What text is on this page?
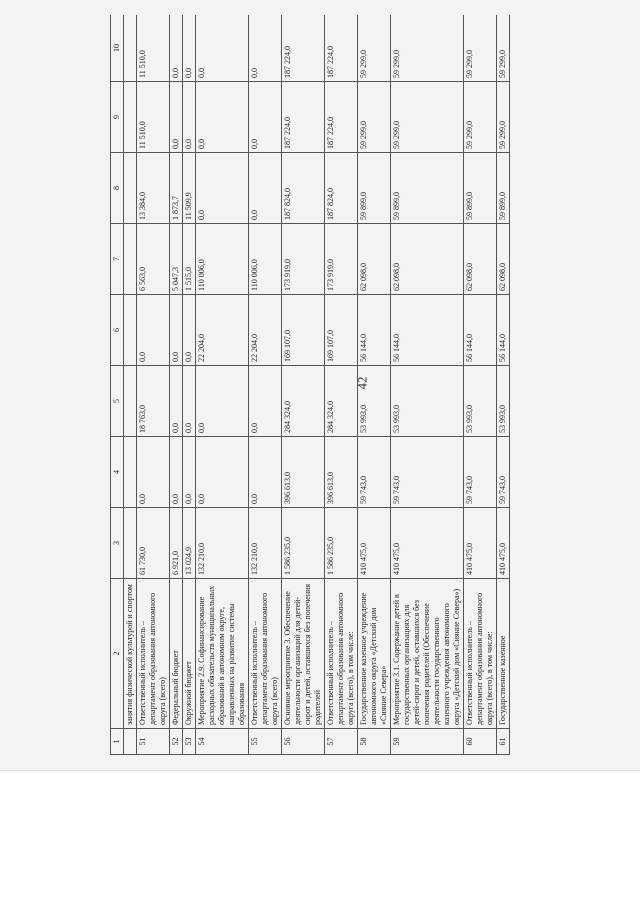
42
1	2	3	4	5	6	7	8	9	10
	занятия физической культурой и спортом								
51	Ответственный исполнитель – департамент образования автономного округа (всего)	61 730,0	0,0	18 763,0	0,0	6 563,0	13 384,0	11 510,0	11 510,0
52	Федеральный бюджет	6 921,0	0,0	0,0	0,0	5 047,3	1 873,7	0,0	0,0
53	Окружной бюджет	13 024,9	0,0	0,0	0,0	1 515,0	11 509,9	0,0	0,0
54	Мероприятие 2.9. Софинансирование расходных обязательств муниципальных образований в автономном округе, направленных на развитие системы образования	132 210,0	0,0	0,0	22 204,0	110 006,0	0,0	0,0	0,0
55	Ответственный исполнитель – департамент образования автономного округа (всего)	132 210,0	0,0	0,0	22 204,0	110 006,0	0,0	0,0	0,0
56	Основное мероприятие 3. Обеспечение деятельности организаций для детей-сирот и детей, оставшихся без попечения родителей	1 586 235,0	396 613,0	284 324,0	169 107,0	173 919,0	187 824,0	187 224,0	187 224,0
57	Ответственный исполнитель – департамент образования автономного округа (всего), в том числе:	1 586 235,0	396 613,0	284 324,0	169 107,0	173 919,0	187 824,0	187 224,0	187 224,0
58	Государственное казенное учреждение автономного округа «Детский дом «Сияние Севера»	410 475,0	59 743,0	53 993,0	56 144,0	62 098,0	59 899,0	59 299,0	59 299,0
59	Мероприятие 3.1. Содержание детей в государственных организациях для детей-сирот и детей, оставшихся без попечения родителей (Обеспечение деятельности государственного казенного учреждения автономного округа «Детский дом «Сияние Севера»)	410 475,0	59 743,0	53 993,0	56 144,0	62 098,0	59 899,0	59 299,0	59 299,0
60	Ответственный исполнитель – департамент образования автономного округа (всего), в том числе:	410 475,0	59 743,0	53 993,0	56 144,0	62 098,0	59 899,0	59 299,0	59 299,0
61	Государственное казенное	410 475,0	59 743,0	53 993,0	56 144,0	62 098,0	59 899,0	59 299,0	59 299,0
